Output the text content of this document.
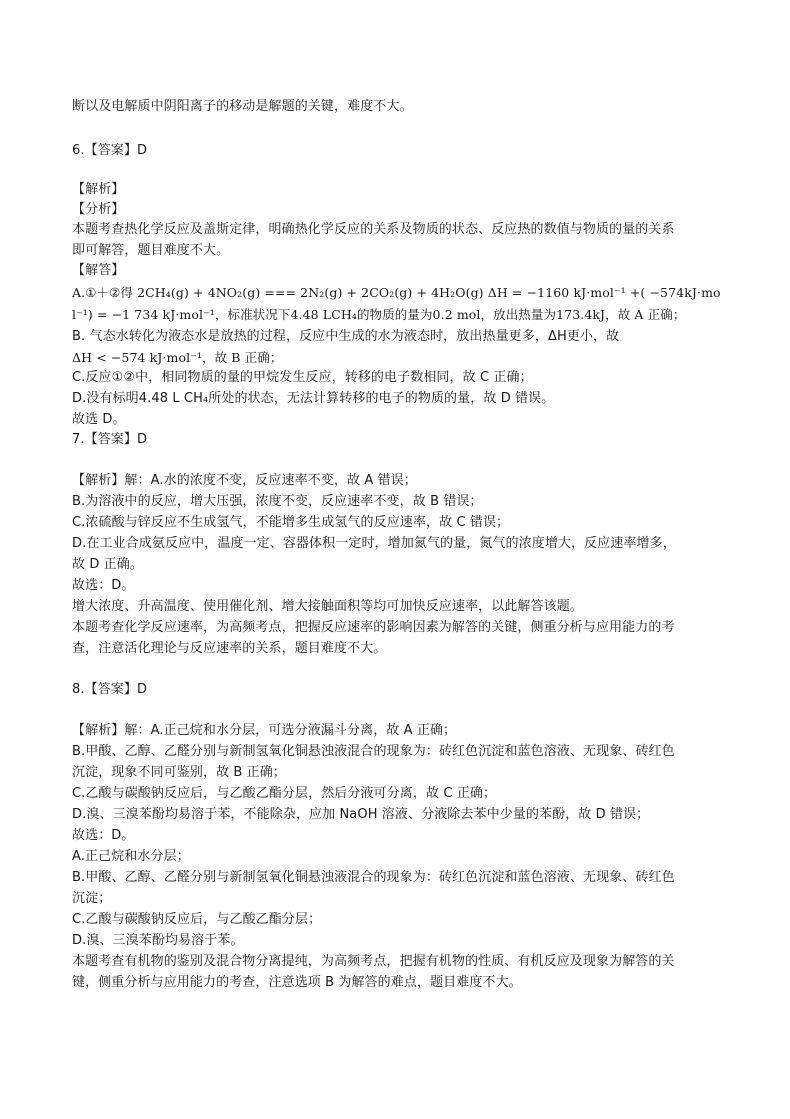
断以及电解质中阴阳离子的移动是解题的关键，难度不大。
6.【答案】D
【解析】
【分析】
本题考查热化学反应及盖斯定律，明确热化学反应的关系及物质的状态、反应热的数值与物质的量的关系
即可解答，题目难度不大。
【解答】
A.①＋②得 2CH₄(g) + 4NO₂(g) === 2N₂(g) + 2CO₂(g) + 4H₂O(g) ΔH = −1160 kJ·mol⁻¹ +( −574kJ·mo
l⁻¹) = −1 734 kJ·mol⁻¹，标准状况下4.48 LCH₄的物质的量为0.2 mol，放出热量为173.4kJ，故 A 正确；
B. 气态水转化为液态水是放热的过程，反应中生成的水为液态时，放出热量更多，ΔH更小，故
ΔH < −574 kJ·mol⁻¹，故 B 正确；
C.反应①②中，相同物质的量的甲烷发生反应，转移的电子数相同，故 C 正确；
D.没有标明4.48 L CH₄所处的状态，无法计算转移的电子的物质的量，故 D 错误。
故选 D。
7.【答案】D
【解析】解：A.水的浓度不变，反应速率不变，故 A 错误；
B.为溶液中的反应，增大压强，浓度不变，反应速率不变，故 B 错误；
C.浓硫酸与锌反应不生成氢气，不能增多生成氢气的反应速率，故 C 错误；
D.在工业合成氨反应中，温度一定、容器体积一定时，增加氮气的量，氮气的浓度增大，反应速率增多，
故 D 正确。
故选：D。
增大浓度、升高温度、使用催化剂、增大接触面积等均可加快反应速率，以此解答该题。
本题考查化学反应速率，为高频考点，把握反应速率的影响因素为解答的关键，侧重分析与应用能力的考
查，注意活化理论与反应速率的关系，题目难度不大。
8.【答案】D
【解析】解：A.正己烷和水分层，可选分液漏斗分离，故 A 正确；
B.甲酸、乙醇、乙醛分别与新制氢氧化铜悬浊液混合的现象为：砖红色沉淀和蓝色溶液、无现象、砖红色
沉淀，现象不同可鉴别，故 B 正确；
C.乙酸与碳酸钠反应后，与乙酸乙酯分层，然后分液可分离，故 C 正确；
D.溴、三溴苯酚均易溶于苯，不能除杂，应加 NaOH 溶液、分液除去苯中少量的苯酚，故 D 错误；
故选：D。
A.正己烷和水分层；
B.甲酸、乙醇、乙醛分别与新制氢氧化铜悬浊液混合的现象为：砖红色沉淀和蓝色溶液、无现象、砖红色
沉淀；
C.乙酸与碳酸钠反应后，与乙酸乙酯分层；
D.溴、三溴苯酚均易溶于苯。
本题考查有机物的鉴别及混合物分离提纯，为高频考点，把握有机物的性质、有机反应及现象为解答的关
键，侧重分析与应用能力的考查，注意选项 B 为解答的难点，题目难度不大。
